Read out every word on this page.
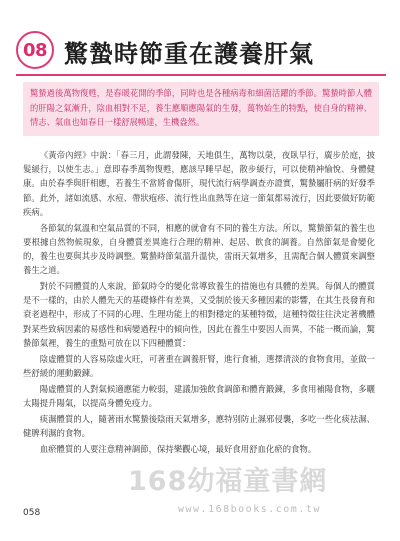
08 驚蟄時節重在護養肝氣
驚蟄過後萬物復甦，是春暖花開的季節，同時也是各種病毒和細菌活躍的季節。驚蟄時節人體的肝陽之氣漸升，陰血相對不足，養生應順應陽氣的生發，萬物始生的特點，使自身的精神、情志、氣血也如春日一樣舒展暢達，生機盎然。

《黃帝內經》中說：「春三月，此謂發陳，天地俱生，萬物以榮，夜臥早行，廣步於庭，披髮緩行，以使生志。」意即春季萬物復甦，應該早睡早起，散步緩行，可以使精神愉悅、身體健康。由於春季與肝相應，若養生不當將會傷肝，現代流行病學調查亦證實，驚蟄屬肝病的好發季節。此外，諸如流感、水痘、帶狀疱疹、流行性出血熱等在這一節氣都易流行，因此要做好防範疾病。

各節氣的氣溫和空氣品質的不同，相應的就會有不同的養生方法。所以，驚蟄節氣的養生也要根據自然物候現象，自身體質差異進行合理的精神、起居、飲食的調養。自然節氣是會變化的，養生也要與其步及時調整。驚蟄時節氣溫升溫快，雷雨天氣增多，且需配合個人體質來調整養生之道。

對於不同體質的人來說，節氣時令的變化常導致養生的措施也有具體的差異。每個人的體質是不一樣的，由於人體先天的基礎條件有差異，又受制於後天多種因素的影響，在其生長發育和衰老過程中，形成了不同的心理、生理功能上的相對穩定的某種特徵，這種特徵往往決定著機體對某些致病因素的易感性和病變過程中的傾向性，因此在養生中要因人而異，不能一概而論，驚蟄節氣裡，養生的重點可放在以下四種體質：

陰虛體質的人容易陰虛火旺，可著重在調養肝腎，進行食補，選擇清淡的食物食用，並做一些舒緩的運動鍛鍊。

陽虛體質的人對氣候適應能力較弱，建議加強飲食調節和體育鍛鍊，多食用補陽食物，多曬太陽提升陽氣，以提高身體免疫力。

痰濕體質的人，隨著雨水驚蟄後陰雨天氣增多，應特別防止濕邪侵襲，多吃一些化痰祛濕、健脾利濕的食物。

血瘀體質的人要注意精神調節，保持樂觀心境，最好食用舒血化瘀的食物。

168幼福童書網
www.168books.com.tw
058
